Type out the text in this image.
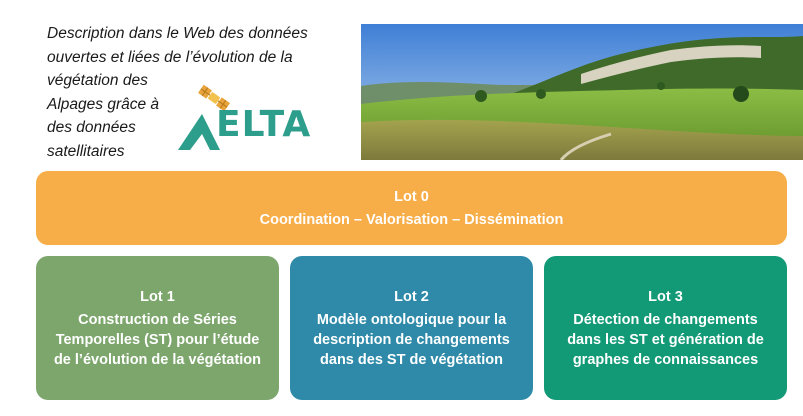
Description dans le Web des données
ouvertes et liées de l’évolution de la
végétation des
Alpages grâce à
des données
satellitaires
ELTA
Lot 0
Coordination – Valorisation – Dissémination
Lot 1
Construction de Séries
Temporelles (ST) pour l’étude
de l’évolution de la végétation
Lot 2
Modèle ontologique pour la
description de changements
dans des ST de végétation
Lot 3
Détection de changements
dans les ST et génération de
graphes de connaissances
